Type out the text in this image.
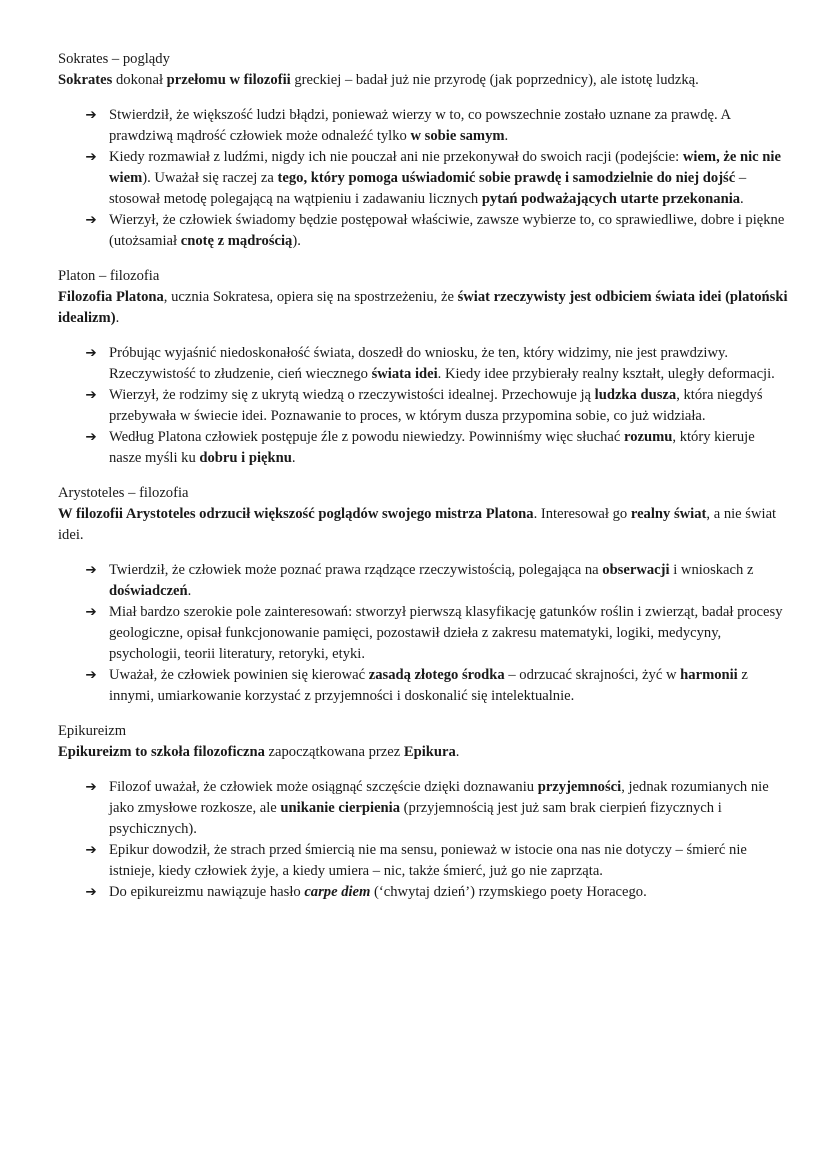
Sokrates – poglądy

Sokrates dokonał przełomu w filozofii greckiej – badał już nie przyrodę (jak poprzednicy), ale istotę ludzką.

➔ Stwierdził, że większość ludzi błądzi, ponieważ wierzy w to, co powszechnie zostało uznane za prawdę. A prawdziwą mądrość człowiek może odnaleźć tylko w sobie samym.
➔ Kiedy rozmawiał z ludźmi, nigdy ich nie pouczał ani nie przekonywał do swoich racji (podejście: wiem, że nic nie wiem). Uważał się raczej za tego, który pomoga uświadomić sobie prawdę i samodzielnie do niej dojść – stosował metodę polegającą na wątpieniu i zadawaniu licznych pytań podważających utarte przekonania.
➔ Wierzył, że człowiek świadomy będzie postępował właściwie, zawsze wybierze to, co sprawiedliwe, dobre i piękne (utożsamiał cnotę z mądrością).

Platon – filozofia

Filozofia Platona, ucznia Sokratesa, opiera się na spostrzeżeniu, że świat rzeczywisty jest odbiciem świata idei (platoński idealizm).

➔ Próbując wyjaśnić niedoskonałość świata, doszedł do wniosku, że ten, który widzimy, nie jest prawdziwy. Rzeczywistość to złudzenie, cień wiecznego świata idei. Kiedy idee przybierały realny kształt, uległy deformacji.
➔ Wierzył, że rodzimy się z ukrytą wiedzą o rzeczywistości idealnej. Przechowuje ją ludzka dusza, która niegdyś przebywała w świecie idei. Poznawanie to proces, w którym dusza przypomina sobie, co już widziała.
➔ Według Platona człowiek postępuje źle z powodu niewiedzy. Powinniśmy więc słuchać rozumu, który kieruje nasze myśli ku dobru i pięknu.

Arystoteles – filozofia

W filozofii Arystoteles odrzucił większość poglądów swojego mistrza Platona. Interesował go realny świat, a nie świat idei.

➔ Twierdził, że człowiek może poznać prawa rządzące rzeczywistością, polegająca na obserwacji i wnioskach z doświadczeń.
➔ Miał bardzo szerokie pole zainteresowań: stworzył pierwszą klasyfikację gatunków roślin i zwierząt, badał procesy geologiczne, opisał funkcjonowanie pamięci, pozostawił dzieła z zakresu matematyki, logiki, medycyny, psychologii, teorii literatury, retoryki, etyki.
➔ Uważał, że człowiek powinien się kierować zasadą złotego środka – odrzucać skrajności, żyć w harmonii z innymi, umiarkowanie korzystać z przyjemności i doskonalić się intelektualnie.

Epikureizm

Epikureizm to szkoła filozoficzna zapoczątkowana przez Epikura.

➔ Filozof uważał, że człowiek może osiągnąć szczęście dzięki doznawaniu przyjemności, jednak rozumianych nie jako zmysłowe rozkosze, ale unikanie cierpienia (przyjemnością jest już sam brak cierpień fizycznych i psychicznych).
➔ Epikur dowodził, że strach przed śmiercią nie ma sensu, ponieważ w istocie ona nas nie dotyczy – śmierć nie istnieje, kiedy człowiek żyje, a kiedy umiera – nic, także śmierć, już go nie zaprząta.
➔ Do epikureizmu nawiązuje hasło carpe diem (‘chwytaj dzień’) rzymskiego poety Horacego.
